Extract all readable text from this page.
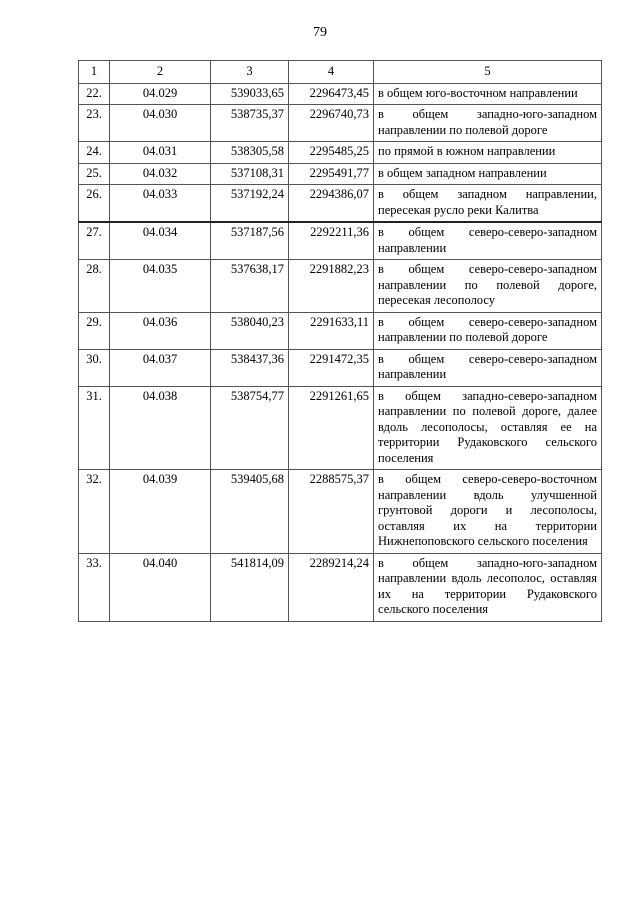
79
1	2	3	4	5
22.	04.029	539033,65	2296473,45	в общем юго-восточном направлении
23.	04.030	538735,37	2296740,73	в общем западно-юго-западном направлении по полевой дороге
24.	04.031	538305,58	2295485,25	по прямой в южном направлении
25.	04.032	537108,31	2295491,77	в общем западном направлении
26.	04.033	537192,24	2294386,07	в общем западном направлении, пересекая русло реки Калитва
27.	04.034	537187,56	2292211,36	в общем северо-северо-западном направлении
28.	04.035	537638,17	2291882,23	в общем северо-северо-западном направлении по полевой дороге, пересекая лесополосу
29.	04.036	538040,23	2291633,11	в общем северо-северо-западном направлении по полевой дороге
30.	04.037	538437,36	2291472,35	в общем северо-северо-западном направлении
31.	04.038	538754,77	2291261,65	в общем западно-северо-западном направлении по полевой дороге, далее вдоль лесополосы, оставляя ее на территории Рудаковского сельского поселения
32.	04.039	539405,68	2288575,37	в общем северо-северо-восточном направлении вдоль улучшенной грунтовой дороги и лесополосы, оставляя их на территории Нижнепоповского сельского поселения
33.	04.040	541814,09	2289214,24	в общем западно-юго-западном направлении вдоль лесополос, оставляя их на территории Рудаковского сельского поселения
